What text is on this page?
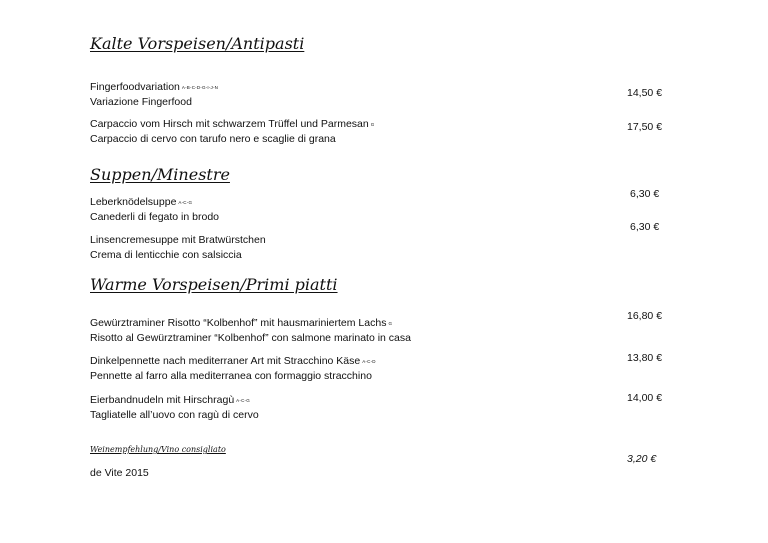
Kalte Vorspeisen/Antipasti
Fingerfoodvariation A-B-C-D-G-I-J-N
Variazione Fingerfood
14,50 €
Carpaccio vom Hirsch mit schwarzem Trüffel und Parmesan G
Carpaccio di cervo con tarufo nero e scaglie di grana
17,50 €
Suppen/Minestre
Leberknödelsuppe A-C-G
Canederli di fegato in brodo
6,30 €
Linsencremesuppe mit Bratwürstchen
Crema di lenticchie con salsiccia
6,30 €
Warme Vorspeisen/Primi piatti
Gewürztraminer Risotto “Kolbenhof” mit hausmariniertem Lachs G
Risotto al Gewürztraminer “Kolbenhof” con salmone marinato in casa
16,80 €
Dinkelpennette nach mediterraner Art mit Stracchino Käse A-C-D
Pennette al farro alla mediterranea con formaggio stracchino
13,80 €
Eierbandnudeln mit Hirschragù A-C-G
Tagliatelle all’uovo con ragù di cervo
14,00 €
Weinempfehlung/Vino consigliato
de Vite 2015
3,20 €
